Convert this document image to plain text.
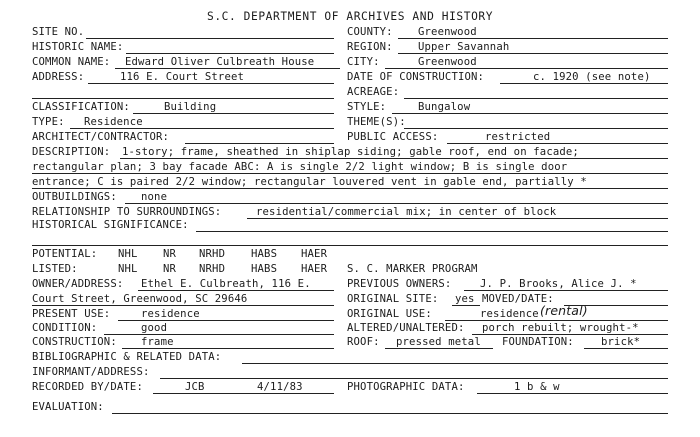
S.C. DEPARTMENT OF ARCHIVES AND HISTORY
SITE NO.	COUNTY: Greenwood
HISTORIC NAME:	REGION: Upper Savannah
COMMON NAME: Edward Oliver Culbreath House	CITY:	Greenwood
ADDRESS:	116 E. Court Street	DATE OF CONSTRUCTION:	c. 1920 (see note)
ACREAGE:
CLASSIFICATION:	Building	STYLE:	Bungalow
TYPE: Residence	THEME(S):
ARCHITECT/CONTRACTOR:	PUBLIC ACCESS:	restricted
DESCRIPTION: 1-story; frame, sheathed in shiplap siding; gable roof, end on facade;
rectangular plan; 3 bay facade ABC: A is single 2/2 light window; B is single door
entrance; C is paired 2/2 window; rectangular louvered vent in gable end, partially *
OUTBUILDINGS: none
RELATIONSHIP TO SURROUNDINGS:	residential/commercial mix; in center of block
HISTORICAL SIGNIFICANCE:
POTENTIAL: NHL NR NRHD HABS HAER
LISTED:	NHL NR NRHD HABS HAER S. C. MARKER PROGRAM
OWNER/ADDRESS: Ethel E. Culbreath, 116 E.	PREVIOUS OWNERS:	J. P. Brooks, Alice J. *
Court Street, Greenwood, SC 29646	ORIGINAL SITE: yes MOVED/DATE:
PRESENT USE:	residence	ORIGINAL USE:	residence (rental)
CONDITION:	good	ALTERED/UNALTERED: porch rebuilt; wrought-*
CONSTRUCTION: frame	ROOF: pressed metal FOUNDATION:	brick*
BIBLIOGRAPHIC & RELATED DATA:
INFORMANT/ADDRESS:
RECORDED BY/DATE:	JCB	4/11/83	PHOTOGRAPHIC DATA:	1 b & w
EVALUATION:
